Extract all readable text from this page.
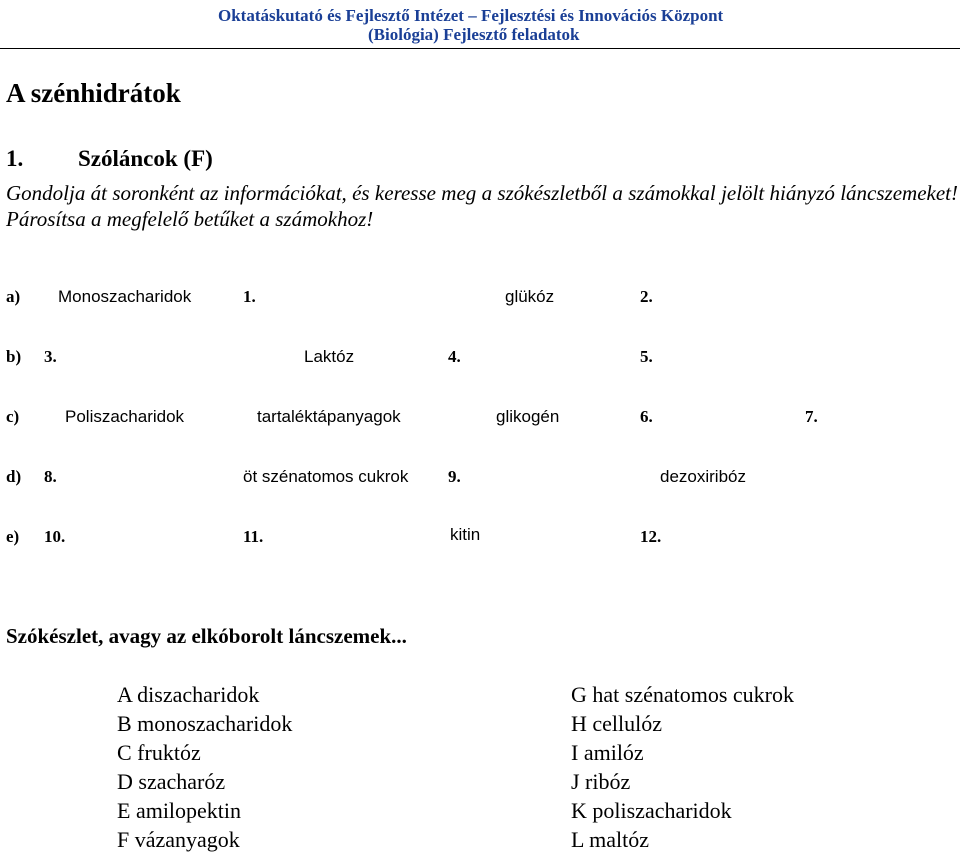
Oktatáskutató és Fejlesztő Intézet – Fejlesztési és Innovációs Központ
(Biológia) Fejlesztő feladatok
A szénhidrátok
1. Szóláncok (F)

Gondolja át soronként az információkat, és keresse meg a szókészletből a számokkal jelölt hiányzó láncszemeket! Párosítsa a megfelelő betűket a számokhoz!

a) Monoszacharidok	1.	glükóz	2.
b) 3.	Laktóz	4.	5.
c)	Poliszacharidok	tartaléktápanyagok	glikogén	6.	7.
d) 8.	öt szénatomos cukrok 9.	dezoxiribóz
e) 10.	11.	kitin	12.
Szókészlet, avagy az elkóborolt láncszemek...
A diszacharidok
B monoszacharidok
C fruktóz
D szacharóz
E amilopektin
F vázanyagok
G hat szénatomos cukrok
H cellulóz
I amilóz
J ribóz
K poliszacharidok
L maltóz
